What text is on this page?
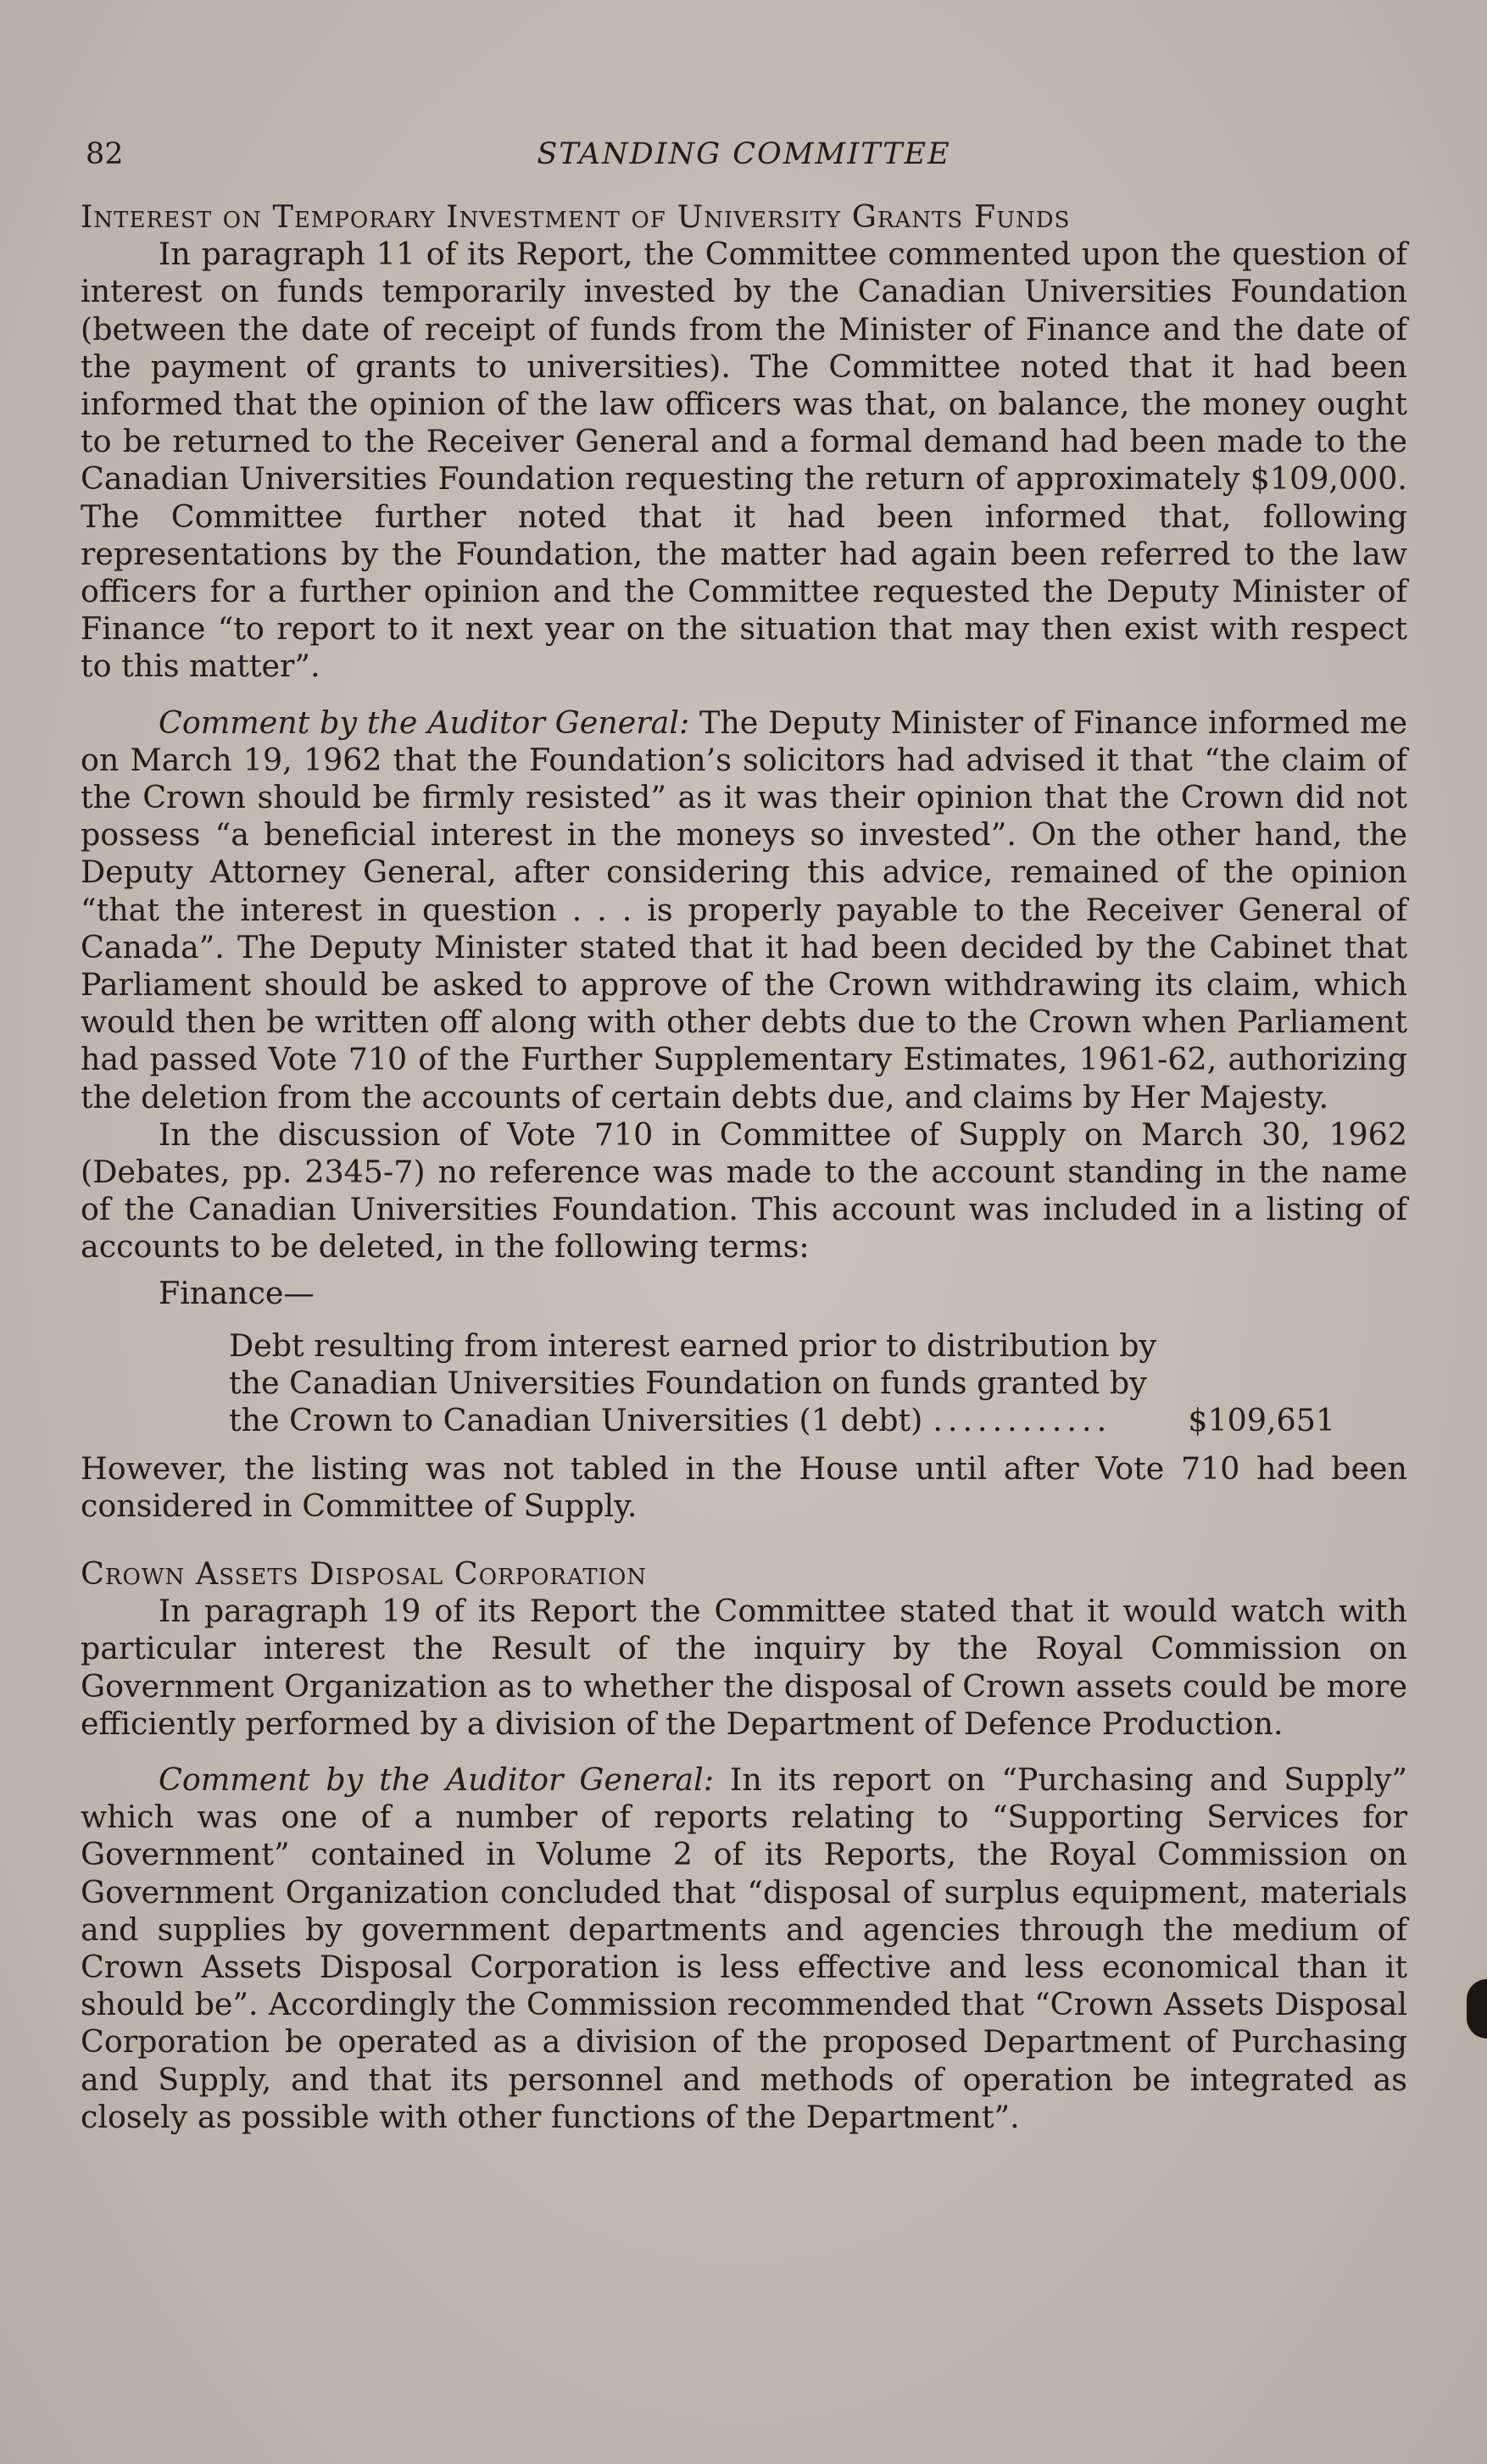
82	STANDING COMMITTEE
Interest on Temporary Investment of University Grants Funds

In paragraph 11 of its Report, the Committee commented upon the question of interest on funds temporarily invested by the Canadian Universities Foundation (between the date of receipt of funds from the Minister of Finance and the date of the payment of grants to universities). The Committee noted that it had been informed that the opinion of the law officers was that, on balance, the money ought to be returned to the Receiver General and a formal demand had been made to the Canadian Universities Foundation requesting the return of approximately $109,000. The Committee further noted that it had been informed that, following representations by the Foundation, the matter had again been referred to the law officers for a further opinion and the Committee requested the Deputy Minister of Finance “to report to it next year on the situation that may then exist with respect to this matter”.

Comment by the Auditor General: The Deputy Minister of Finance informed me on March 19, 1962 that the Foundation’s solicitors had advised it that “the claim of the Crown should be firmly resisted” as it was their opinion that the Crown did not possess “a beneficial interest in the moneys so invested”. On the other hand, the Deputy Attorney General, after considering this advice, remained of the opinion “that the interest in question . . . is properly payable to the Receiver General of Canada”. The Deputy Minister stated that it had been decided by the Cabinet that Parliament should be asked to approve of the Crown withdrawing its claim, which would then be written off along with other debts due to the Crown when Parliament had passed Vote 710 of the Further Supplementary Estimates, 1961-62, authorizing the deletion from the accounts of certain debts due, and claims by Her Majesty.

In the discussion of Vote 710 in Committee of Supply on March 30, 1962 (Debates, pp. 2345-7) no reference was made to the account standing in the name of the Canadian Universities Foundation. This account was included in a listing of accounts to be deleted, in the following terms:

Finance—
Debt resulting from interest earned prior to distribution by
the Canadian Universities Foundation on funds granted by
the Crown to Canadian Universities (1 debt) ............	$109,651

However, the listing was not tabled in the House until after Vote 710 had been considered in Committee of Supply.

Crown Assets Disposal Corporation

In paragraph 19 of its Report the Committee stated that it would watch with particular interest the Result of the inquiry by the Royal Commission on Government Organization as to whether the disposal of Crown assets could be more efficiently performed by a division of the Department of Defence Production.

Comment by the Auditor General: In its report on “Purchasing and Supply” which was one of a number of reports relating to “Supporting Services for Government” contained in Volume 2 of its Reports, the Royal Commission on Government Organization concluded that “disposal of surplus equipment, materials and supplies by government departments and agencies through the medium of Crown Assets Disposal Corporation is less effective and less economical than it should be”. Accordingly the Commission recommended that “Crown Assets Disposal Corporation be operated as a division of the proposed Department of Purchasing and Supply, and that its personnel and methods of operation be integrated as closely as possible with other functions of the Department”.
